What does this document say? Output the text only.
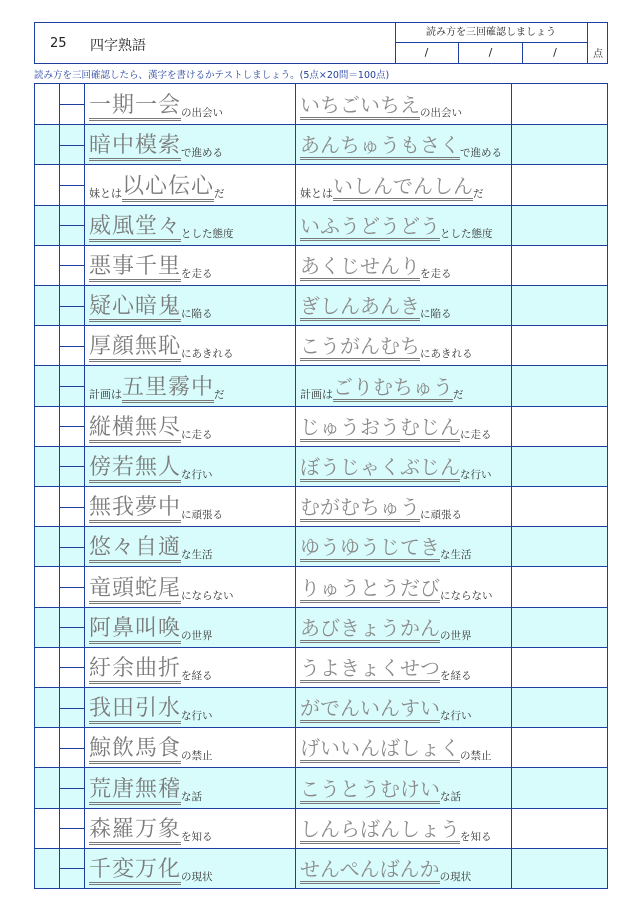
25 四字熟語
読み方を三回確認しましょう
/	/	/	点
読み方を三回確認したら、漢字を書けるかテストしましょう。(5点×20問＝100点)
一期一会の出会い	いちごいちえの出会い
暗中模索で進める	あんちゅうもさくで進める
妹とは以心伝心だ	妹とはいしんでんしんだ
威風堂々とした態度	いふうどうどうとした態度
悪事千里を走る	あくじせんりを走る
疑心暗鬼に陥る	ぎしんあんきに陥る
厚顔無恥にあきれる	こうがんむちにあきれる
計画は五里霧中だ	計画はごりむちゅうだ
縦横無尽に走る	じゅうおうむじんに走る
傍若無人な行い	ぼうじゃくぶじんな行い
無我夢中に頑張る	むがむちゅうに頑張る
悠々自適な生活	ゆうゆうじてきな生活
竜頭蛇尾にならない	りゅうとうだびにならない
阿鼻叫喚の世界	あびきょうかんの世界
紆余曲折を経る	うよきょくせつを経る
我田引水な行い	がでんいんすいな行い
鯨飲馬食の禁止	げいいんばしょくの禁止
荒唐無稽な話	こうとうむけいな話
森羅万象を知る	しんらばんしょうを知る
千変万化の現状	せんぺんばんかの現状
